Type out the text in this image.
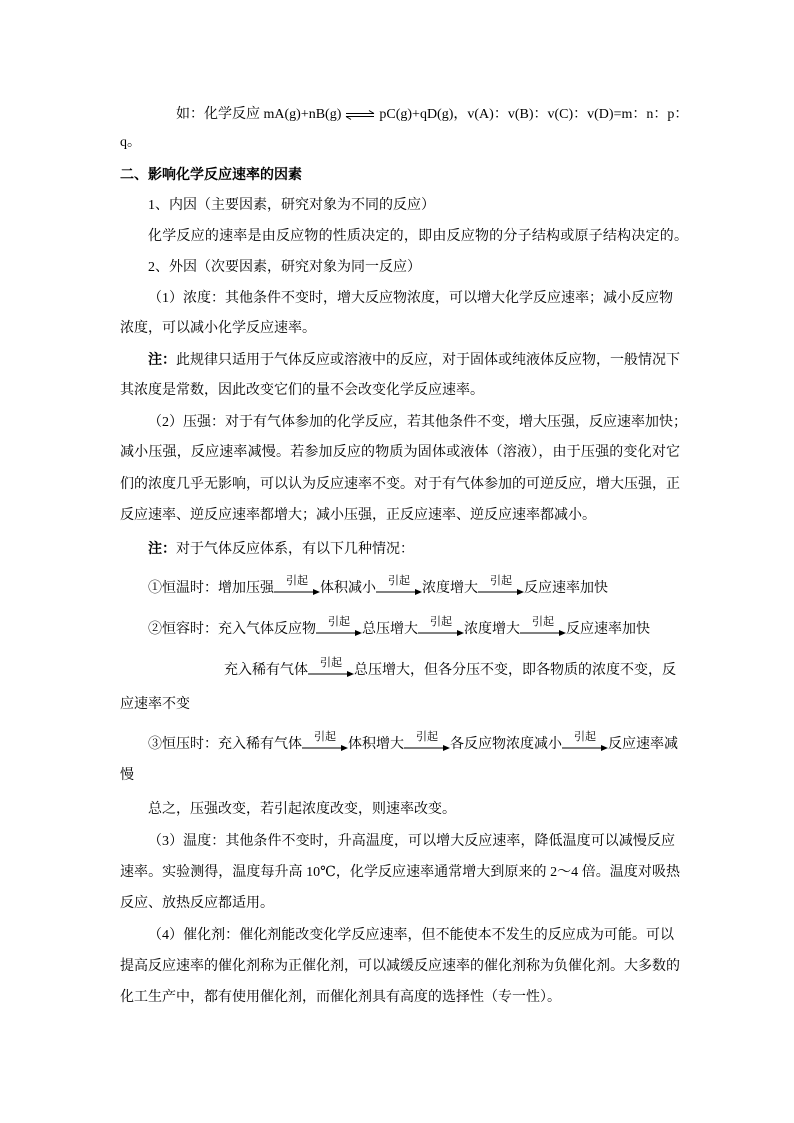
如：化学反应 mA(g)+nB(g) ⇌ pC(g)+qD(g)，v(A)：v(B)：v(C)：v(D)=m：n：p：
q。
二、影响化学反应速率的因素
1、内因（主要因素，研究对象为不同的反应）
化学反应的速率是由反应物的性质决定的，即由反应物的分子结构或原子结构决定的。
2、外因（次要因素，研究对象为同一反应）
（1）浓度：其他条件不变时，增大反应物浓度，可以增大化学反应速率；减小反应物
浓度，可以减小化学反应速率。
注：此规律只适用于气体反应或溶液中的反应，对于固体或纯液体反应物，一般情况下
其浓度是常数，因此改变它们的量不会改变化学反应速率。
（2）压强：对于有气体参加的化学反应，若其他条件不变，增大压强，反应速率加快；
减小压强，反应速率减慢。若参加反应的物质为固体或液体（溶液），由于压强的变化对它
们的浓度几乎无影响，可以认为反应速率不变。对于有气体参加的可逆反应，增大压强，正
反应速率、逆反应速率都增大；减小压强，正反应速率、逆反应速率都减小。
注：对于气体反应体系，有以下几种情况：
①恒温时： 增加压强	引起 体积减小	引起 浓度增大	引起 反应速率加快
②恒容时： 充入气体反应物	引起 总压增大	引起 浓度增大	引起 反应速率加快
充入稀有气体	引起 总压增大，但各分压不变，即各物质的浓度不变，反
应速率不变
③恒压时： 充入稀有气体	引起 体积增大	引起 各反应物浓度减小	引起 反应速率减
慢
总之，压强改变，若引起浓度改变，则速率改变。
（3）温度：其他条件不变时，升高温度，可以增大反应速率，降低温度可以减慢反应
速率。实验测得，温度每升高 10℃，化学反应速率通常增大到原来的 2～4 倍。温度对吸热
反应、放热反应都适用。
（4）催化剂：催化剂能改变化学反应速率，但不能使本不发生的反应成为可能。可以
提高反应速率的催化剂称为正催化剂，可以减缓反应速率的催化剂称为负催化剂。大多数的
化工生产中，都有使用催化剂，而催化剂具有高度的选择性（专一性）。
